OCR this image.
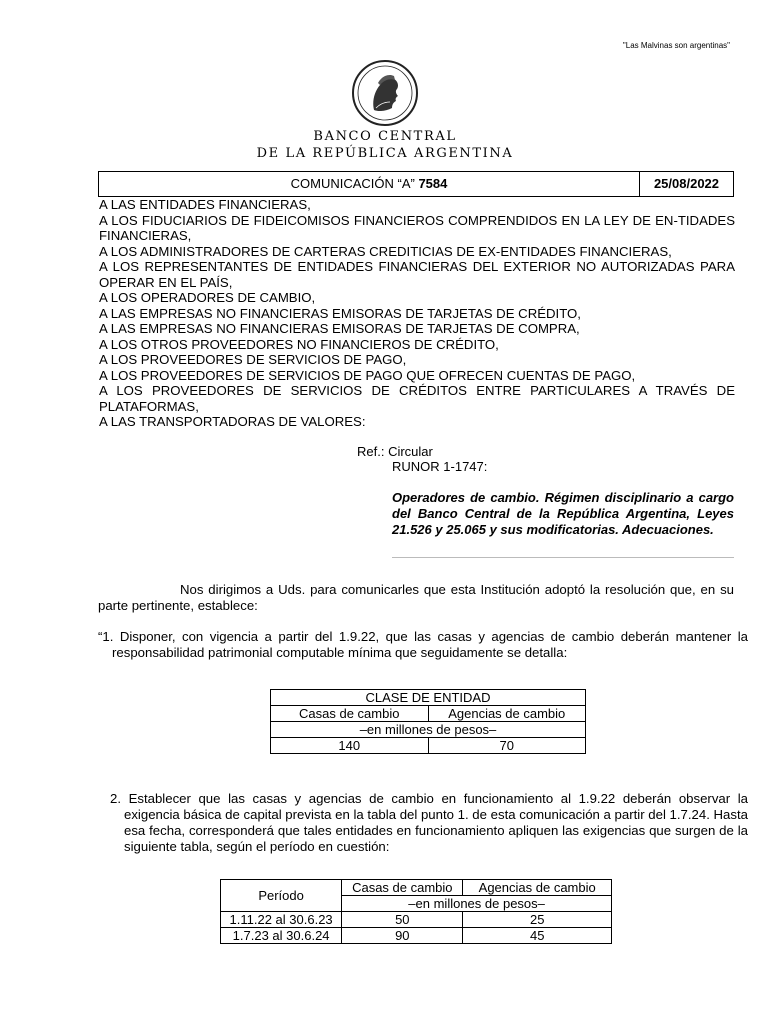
"Las Malvinas son argentinas"
BANCO CENTRAL
DE LA REPÚBLICA ARGENTINA
COMUNICACIÓN “A” 7584	25/08/2022
A LAS ENTIDADES FINANCIERAS,
A LOS FIDUCIARIOS DE FIDEICOMISOS FINANCIEROS COMPRENDIDOS EN LA LEY DE EN-TIDADES FINANCIERAS,
A LOS ADMINISTRADORES DE CARTERAS CREDITICIAS DE EX-ENTIDADES FINANCIERAS,
A LOS REPRESENTANTES DE ENTIDADES FINANCIERAS DEL EXTERIOR NO AUTORIZADAS PARA OPERAR EN EL PAÍS,
A LOS OPERADORES DE CAMBIO,
A LAS EMPRESAS NO FINANCIERAS EMISORAS DE TARJETAS DE CRÉDITO,
A LAS EMPRESAS NO FINANCIERAS EMISORAS DE TARJETAS DE COMPRA,
A LOS OTROS PROVEEDORES NO FINANCIEROS DE CRÉDITO,
A LOS PROVEEDORES DE SERVICIOS DE PAGO,
A LOS PROVEEDORES DE SERVICIOS DE PAGO QUE OFRECEN CUENTAS DE PAGO,
A LOS PROVEEDORES DE SERVICIOS DE CRÉDITOS ENTRE PARTICULARES A TRAVÉS DE PLATAFORMAS,
A LAS TRANSPORTADORAS DE VALORES:
Ref.: Circular
RUNOR 1-1747:
Operadores de cambio. Régimen disciplinario a cargo del Banco Central de la República Argentina, Leyes 21.526 y 25.065 y sus modificatorias. Adecuaciones.
Nos dirigimos a Uds. para comunicarles que esta Institución adoptó la resolución que, en su parte pertinente, establece:
“1. Disponer, con vigencia a partir del 1.9.22, que las casas y agencias de cambio deberán mantener la responsabilidad patrimonial computable mínima que seguidamente se detalla:
CLASE DE ENTIDAD	
Casas de cambio	Agencias de cambio
–en millones de pesos–	
140	70
2. Establecer que las casas y agencias de cambio en funcionamiento al 1.9.22 deberán observar la exigencia básica de capital prevista en la tabla del punto 1. de esta comunicación a partir del 1.7.24. Hasta esa fecha, corresponderá que tales entidades en funcionamiento apliquen las exigencias que surgen de la siguiente tabla, según el período en cuestión:
Período	Casas de cambio	Agencias de cambio
	–en millones de pesos–	
1.11.22 al 30.6.23	50	25
1.7.23 al 30.6.24	90	45
